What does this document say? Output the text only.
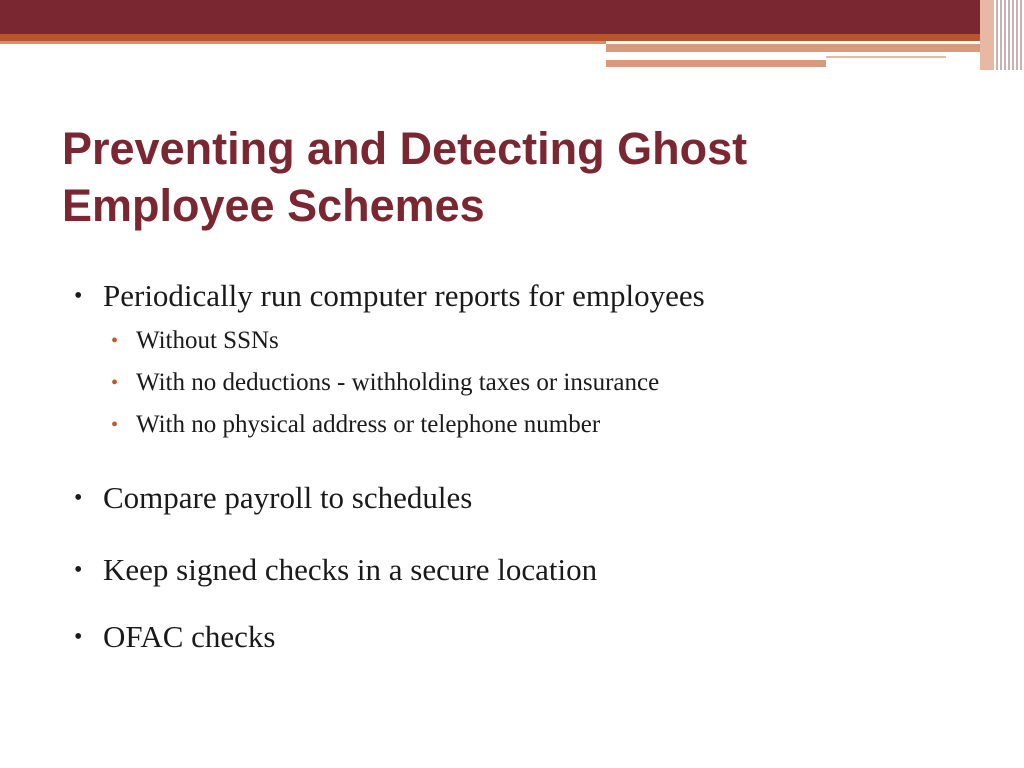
Preventing and Detecting Ghost Employee Schemes
• Periodically run computer reports for employees
• Without SSNs
• With no deductions - withholding taxes or insurance
• With no physical address or telephone number
• Compare payroll to schedules
• Keep signed checks in a secure location
• OFAC checks
